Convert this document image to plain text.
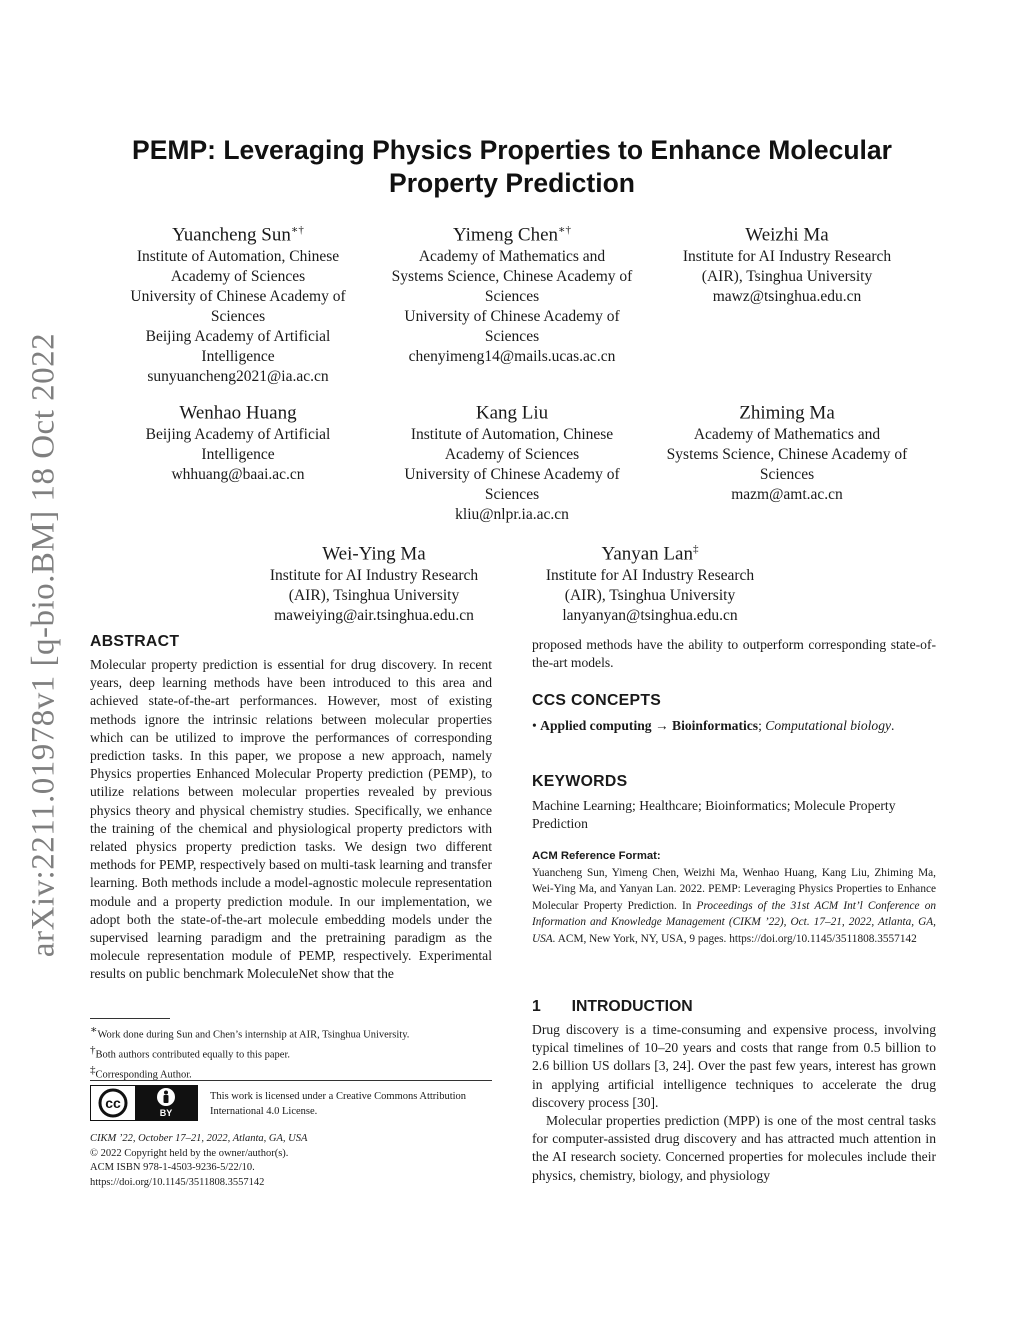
arXiv:2211.01978v1 [q-bio.BM] 18 Oct 2022
PEMP: Leveraging Physics Properties to Enhance Molecular
Property Prediction
Yuancheng Sun∗†
Institute of Automation, Chinese
Academy of Sciences
University of Chinese Academy of
Sciences
Beijing Academy of Artificial
Intelligence
sunyuancheng2021@ia.ac.cn
Yimeng Chen∗†
Academy of Mathematics and
Systems Science, Chinese Academy of
Sciences
University of Chinese Academy of
Sciences
chenyimeng14@mails.ucas.ac.cn
Weizhi Ma
Institute for AI Industry Research
(AIR), Tsinghua University
mawz@tsinghua.edu.cn
Wenhao Huang
Beijing Academy of Artificial
Intelligence
whhuang@baai.ac.cn
Kang Liu
Institute of Automation, Chinese
Academy of Sciences
University of Chinese Academy of
Sciences
kliu@nlpr.ia.ac.cn
Zhiming Ma
Academy of Mathematics and
Systems Science, Chinese Academy of
Sciences
mazm@amt.ac.cn
Wei-Ying Ma
Institute for AI Industry Research
(AIR), Tsinghua University
maweiying@air.tsinghua.edu.cn
Yanyan Lan‡
Institute for AI Industry Research
(AIR), Tsinghua University
lanyanyan@tsinghua.edu.cn
ABSTRACT

Molecular property prediction is essential for drug discovery. In recent years, deep learning methods have been introduced to this area and achieved state-of-the-art performances. However, most of existing methods ignore the intrinsic relations between molecular properties which can be utilized to improve the performances of corresponding prediction tasks. In this paper, we propose a new approach, namely Physics properties Enhanced Molecular Property prediction (PEMP), to utilize relations between molecular properties revealed by previous physics theory and physical chemistry studies. Specifically, we enhance the training of the chemical and physiological property predictors with related physics property prediction tasks. We design two different methods for PEMP, respectively based on multi-task learning and transfer learning. Both methods include a model-agnostic molecule representation module and a property prediction module. In our implementation, we adopt both the state-of-the-art molecule embedding models under the supervised learning paradigm and the pretraining paradigm as the molecule representation module of PEMP, respectively. Experimental results on public benchmark MoleculeNet show that the

∗Work done during Sun and Chen’s internship at AIR, Tsinghua University.
†Both authors contributed equally to this paper.
‡Corresponding Author.
cc
BY
This work is licensed under a Creative Commons Attribution International 4.0 License.
CIKM ’22, October 17–21, 2022, Atlanta, GA, USA
© 2022 Copyright held by the owner/author(s).
ACM ISBN 978-1-4503-9236-5/22/10.
https://doi.org/10.1145/3511808.3557142

proposed methods have the ability to outperform corresponding state-of-the-art models.

CCS CONCEPTS
• Applied computing → Bioinformatics; Computational biology.
KEYWORDS
Machine Learning; Healthcare; Bioinformatics; Molecule Property Prediction
ACM Reference Format:

Yuancheng Sun, Yimeng Chen, Weizhi Ma, Wenhao Huang, Kang Liu, Zhiming Ma, Wei-Ying Ma, and Yanyan Lan. 2022. PEMP: Leveraging Physics Properties to Enhance Molecular Property Prediction. In Proceedings of the 31st ACM Int’l Conference on Information and Knowledge Management (CIKM ’22), Oct. 17–21, 2022, Atlanta, GA, USA. ACM, New York, NY, USA, 9 pages. https://doi.org/10.1145/3511808.3557142

1 INTRODUCTION

Drug discovery is a time-consuming and expensive process, involving typical timelines of 10–20 years and costs that range from 0.5 billion to 2.6 billion US dollars [3, 24]. Over the past few years, interest has grown in applying artificial intelligence techniques to accelerate the drug discovery process [30].

Molecular properties prediction (MPP) is one of the most central tasks for computer-assisted drug discovery and has attracted much attention in the AI research society. Concerned properties for molecules include their physics, chemistry, biology, and physiology
